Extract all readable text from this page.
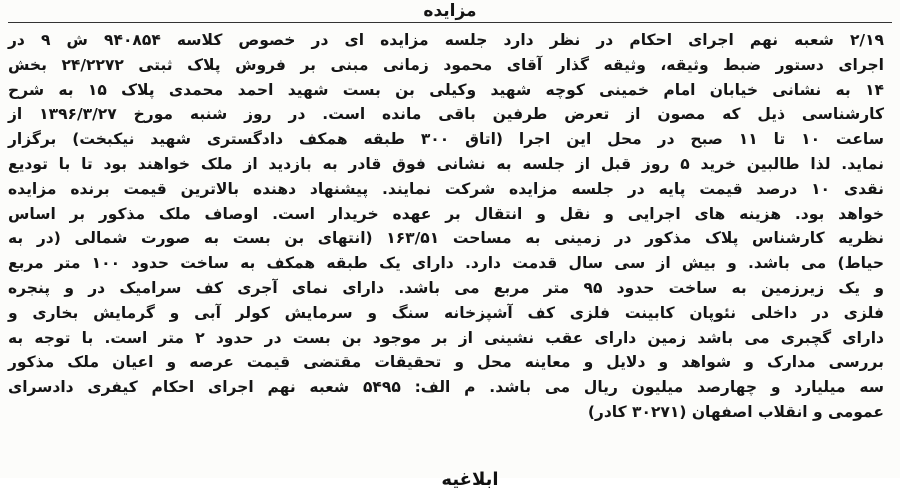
مزایده
۲/۱۹ شعبه نهم اجرای احکام در نظر دارد جلسه مزایده ای در خصوص کلاسه ۹۴۰۸۵۴ ش ۹ در
اجرای دستور ضبط وثیقه، وثیقه گذار آقای محمود زمانی مبنی بر فروش پلاک ثبتی ۲۴/۲۲۷۲ بخش
۱۴ به نشانی خیابان امام خمینی کوچه شهید وکیلی بن بست شهید احمد محمدی پلاک ۱۵ به شرح
کارشناسی ذیل که مصون از تعرض طرفین باقی مانده است. در روز شنبه مورخ ۱۳۹۶/۳/۲۷ از
ساعت ۱۰ تا ۱۱ صبح در محل این اجرا (اتاق ۳۰۰ طبقه همکف دادگستری شهید نیکبخت) برگزار
نماید. لذا طالبین خرید ۵ روز قبل از جلسه به نشانی فوق قادر به بازدید از ملک خواهند بود تا با تودیع
نقدی ۱۰ درصد قیمت پایه در جلسه مزایده شرکت نمایند. پیشنهاد دهنده بالاترین قیمت برنده مزایده
خواهد بود. هزینه های اجرایی و نقل و انتقال بر عهده خریدار است. اوصاف ملک مذکور بر اساس
نظریه کارشناس پلاک مذکور در زمینی به مساحت ۱۶۳/۵۱ (انتهای بن بست به صورت شمالی (در به
حیاط) می باشد. و بیش از سی سال قدمت دارد. دارای یک طبقه همکف به ساخت حدود ۱۰۰ متر مربع
و یک زیرزمین به ساخت حدود ۹۵ متر مربع می باشد. دارای نمای آجری کف سرامیک در و پنجره
فلزی در داخلی نئوپان کابینت فلزی کف آشپزخانه سنگ و سرمایش کولر آبی و گرمایش بخاری و
دارای گچبری می باشد زمین دارای عقب نشینی از بر موجود بن بست در حدود ۲ متر است. با توجه به
بررسی مدارک و شواهد و دلایل و معاینه محل و تحقیقات مقتضی قیمت عرصه و اعیان ملک مذکور
سه میلیارد و چهارصد میلیون ریال می باشد. م الف: ۵۴۹۵ شعبه نهم اجرای احکام کیفری دادسرای
عمومی و انقلاب اصفهان (۳۰۲۷۱ کادر)
ابلاغیه
